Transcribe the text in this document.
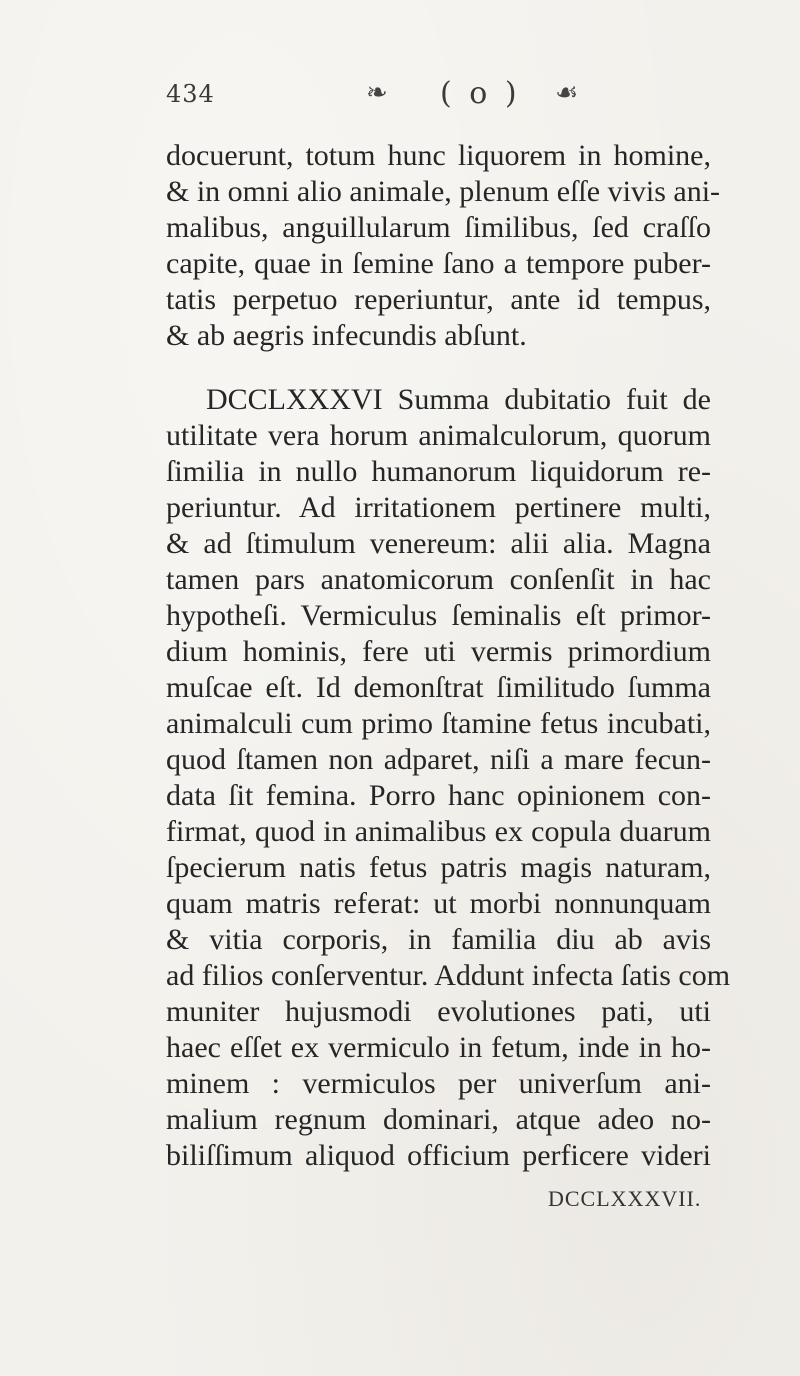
434	❧ ( o ) ☙
docuerunt, totum hunc liquorem in homine,
& in omni alio animale, plenum eſſe vivis ani-
malibus, anguillularum ſimilibus, ſed craſſo
capite, quae in ſemine ſano a tempore puber-
tatis perpetuo reperiuntur, ante id tempus,
& ab aegris infecundis abſunt.
DCCLXXXVI Summa dubitatio fuit de
utilitate vera horum animalculorum, quorum
ſimilia in nullo humanorum liquidorum re-
periuntur. Ad irritationem pertinere multi,
& ad ſtimulum venereum: alii alia. Magna
tamen pars anatomicorum conſenſit in hac
hypotheſi. Vermiculus ſeminalis eſt primor-
dium hominis, fere uti vermis primordium
muſcae eſt. Id demonſtrat ſimilitudo ſumma
animalculi cum primo ſtamine fetus incubati,
quod ſtamen non adparet, niſi a mare fecun-
data ſit femina. Porro hanc opinionem con-
firmat, quod in animalibus ex copula duarum
ſpecierum natis fetus patris magis naturam,
quam matris referat: ut morbi nonnunquam
& vitia corporis, in familia diu ab avis
ad filios conſerventur. Addunt infecta ſatis com
muniter hujusmodi evolutiones pati, uti
haec eſſet ex vermiculo in fetum, inde in ho-
minem : vermiculos per univerſum ani-
malium regnum dominari, atque adeo no-
biliſſimum aliquod officium perficere videri
DCCLXXXVII.
